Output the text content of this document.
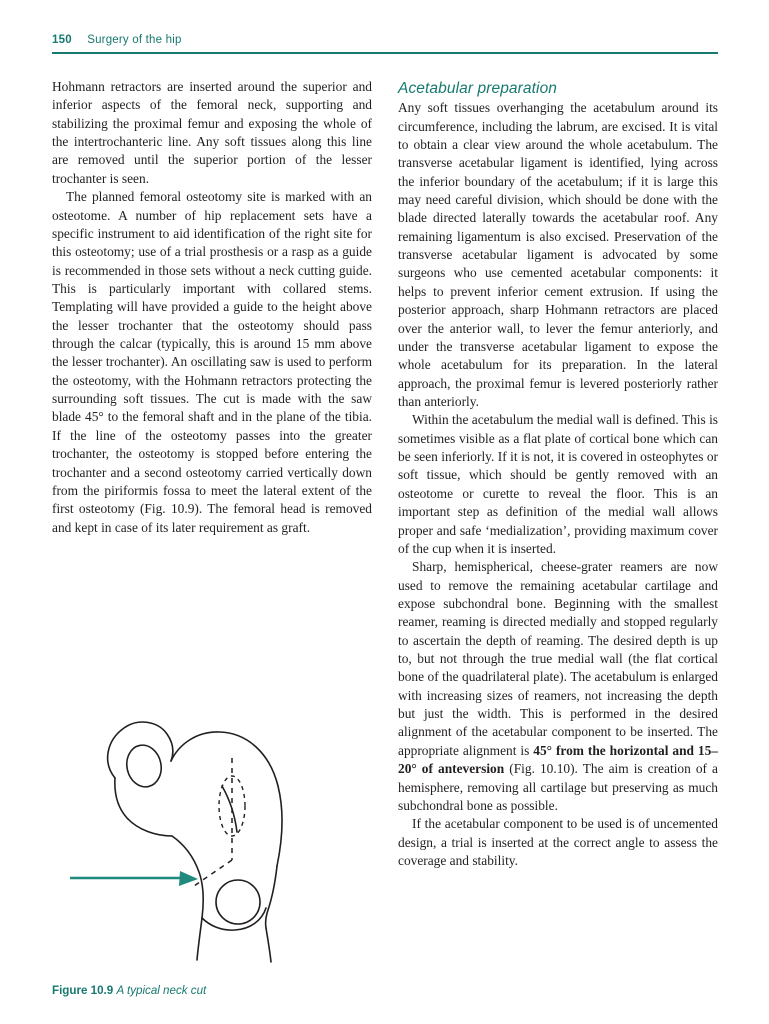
150 Surgery of the hip

Hohmann retractors are inserted around the superior and inferior aspects of the femoral neck, supporting and stabilizing the proximal femur and exposing the whole of the intertrochanteric line. Any soft tissues along this line are removed until the superior portion of the lesser trochanter is seen.

The planned femoral osteotomy site is marked with an osteotome. A number of hip replacement sets have a specific instrument to aid identification of the right site for this osteotomy; use of a trial prosthesis or a rasp as a guide is recommended in those sets without a neck cutting guide. This is particularly important with collared stems. Templating will have provided a guide to the height above the lesser trochanter that the osteotomy should pass through the calcar (typically, this is around 15 mm above the lesser trochanter). An oscillating saw is used to perform the osteotomy, with the Hohmann retractors protecting the surrounding soft tissues. The cut is made with the saw blade 45° to the femoral shaft and in the plane of the tibia. If the line of the osteotomy passes into the greater trochanter, the osteotomy is stopped before entering the trochanter and a second osteotomy carried vertically down from the piriformis fossa to meet the lateral extent of the first osteotomy (Fig. 10.9). The femoral head is removed and kept in case of its later requirement as graft.

Acetabular preparation

Any soft tissues overhanging the acetabulum around its circumference, including the labrum, are excised. It is vital to obtain a clear view around the whole acetabulum. The transverse acetabular ligament is identified, lying across the inferior boundary of the acetabulum; if it is large this may need careful division, which should be done with the blade directed laterally towards the acetabular roof. Any remaining ligamentum is also excised. Preservation of the transverse acetabular ligament is advocated by some surgeons who use cemented acetabular components: it helps to prevent inferior cement extrusion. If using the posterior approach, sharp Hohmann retractors are placed over the anterior wall, to lever the femur anteriorly, and under the transverse acetabular ligament to expose the whole acetabulum for its preparation. In the lateral approach, the proximal femur is levered posteriorly rather than anteriorly.

Within the acetabulum the medial wall is defined. This is sometimes visible as a flat plate of cortical bone which can be seen inferiorly. If it is not, it is covered in osteophytes or soft tissue, which should be gently removed with an osteotome or curette to reveal the floor. This is an important step as definition of the medial wall allows proper and safe ‘medialization’, providing maximum cover of the cup when it is inserted.

Sharp, hemispherical, cheese-grater reamers are now used to remove the remaining acetabular cartilage and expose subchondral bone. Beginning with the smallest reamer, reaming is directed medially and stopped regularly to ascertain the depth of reaming. The desired depth is up to, but not through the true medial wall (the flat cortical bone of the quadrilateral plate). The acetabulum is enlarged with increasing sizes of reamers, not increasing the depth but just the width. This is performed in the desired alignment of the acetabular component to be inserted. The appropriate alignment is 45° from the horizontal and 15–20° of anteversion (Fig. 10.10). The aim is creation of a hemisphere, removing all cartilage but preserving as much subchondral bone as possible.

If the acetabular component to be used is of uncemented design, a trial is inserted at the correct angle to assess the coverage and stability.

Figure 10.9 A typical neck cut
